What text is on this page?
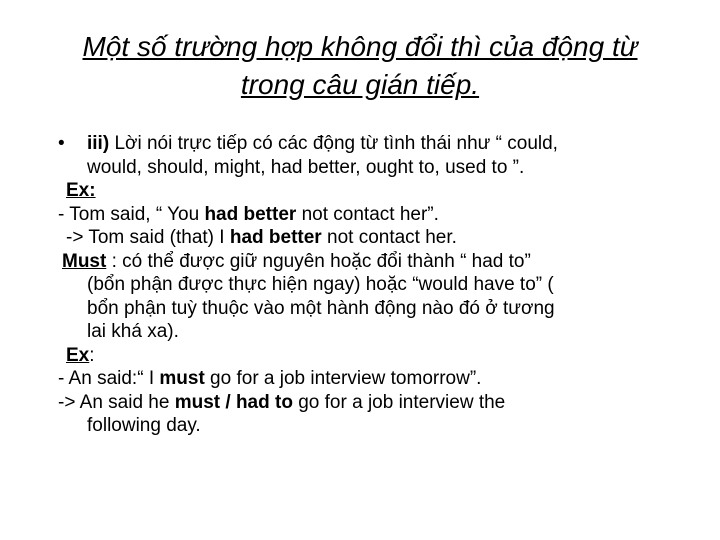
Một số trường hợp không đổi thì của động từ
trong câu gián tiếp.
• iii) Lời nói trực tiếp có các động từ tình thái như “ could,
would, should, might, had better, ought to, used to ”.
Ex:
- Tom said, “ You had better not contact her”.
-> Tom said (that) I had better not contact her.
Must : có thể được giữ nguyên hoặc đổi thành “ had to”
(bổn phận được thực hiện ngay) hoặc “would have to” (
bổn phận tuỳ thuộc vào một hành động nào đó ở tương
lai khá xa).
Ex:
- An said:“ I must go for a job interview tomorrow”.
-> An said he must / had to go for a job interview the
following day.
